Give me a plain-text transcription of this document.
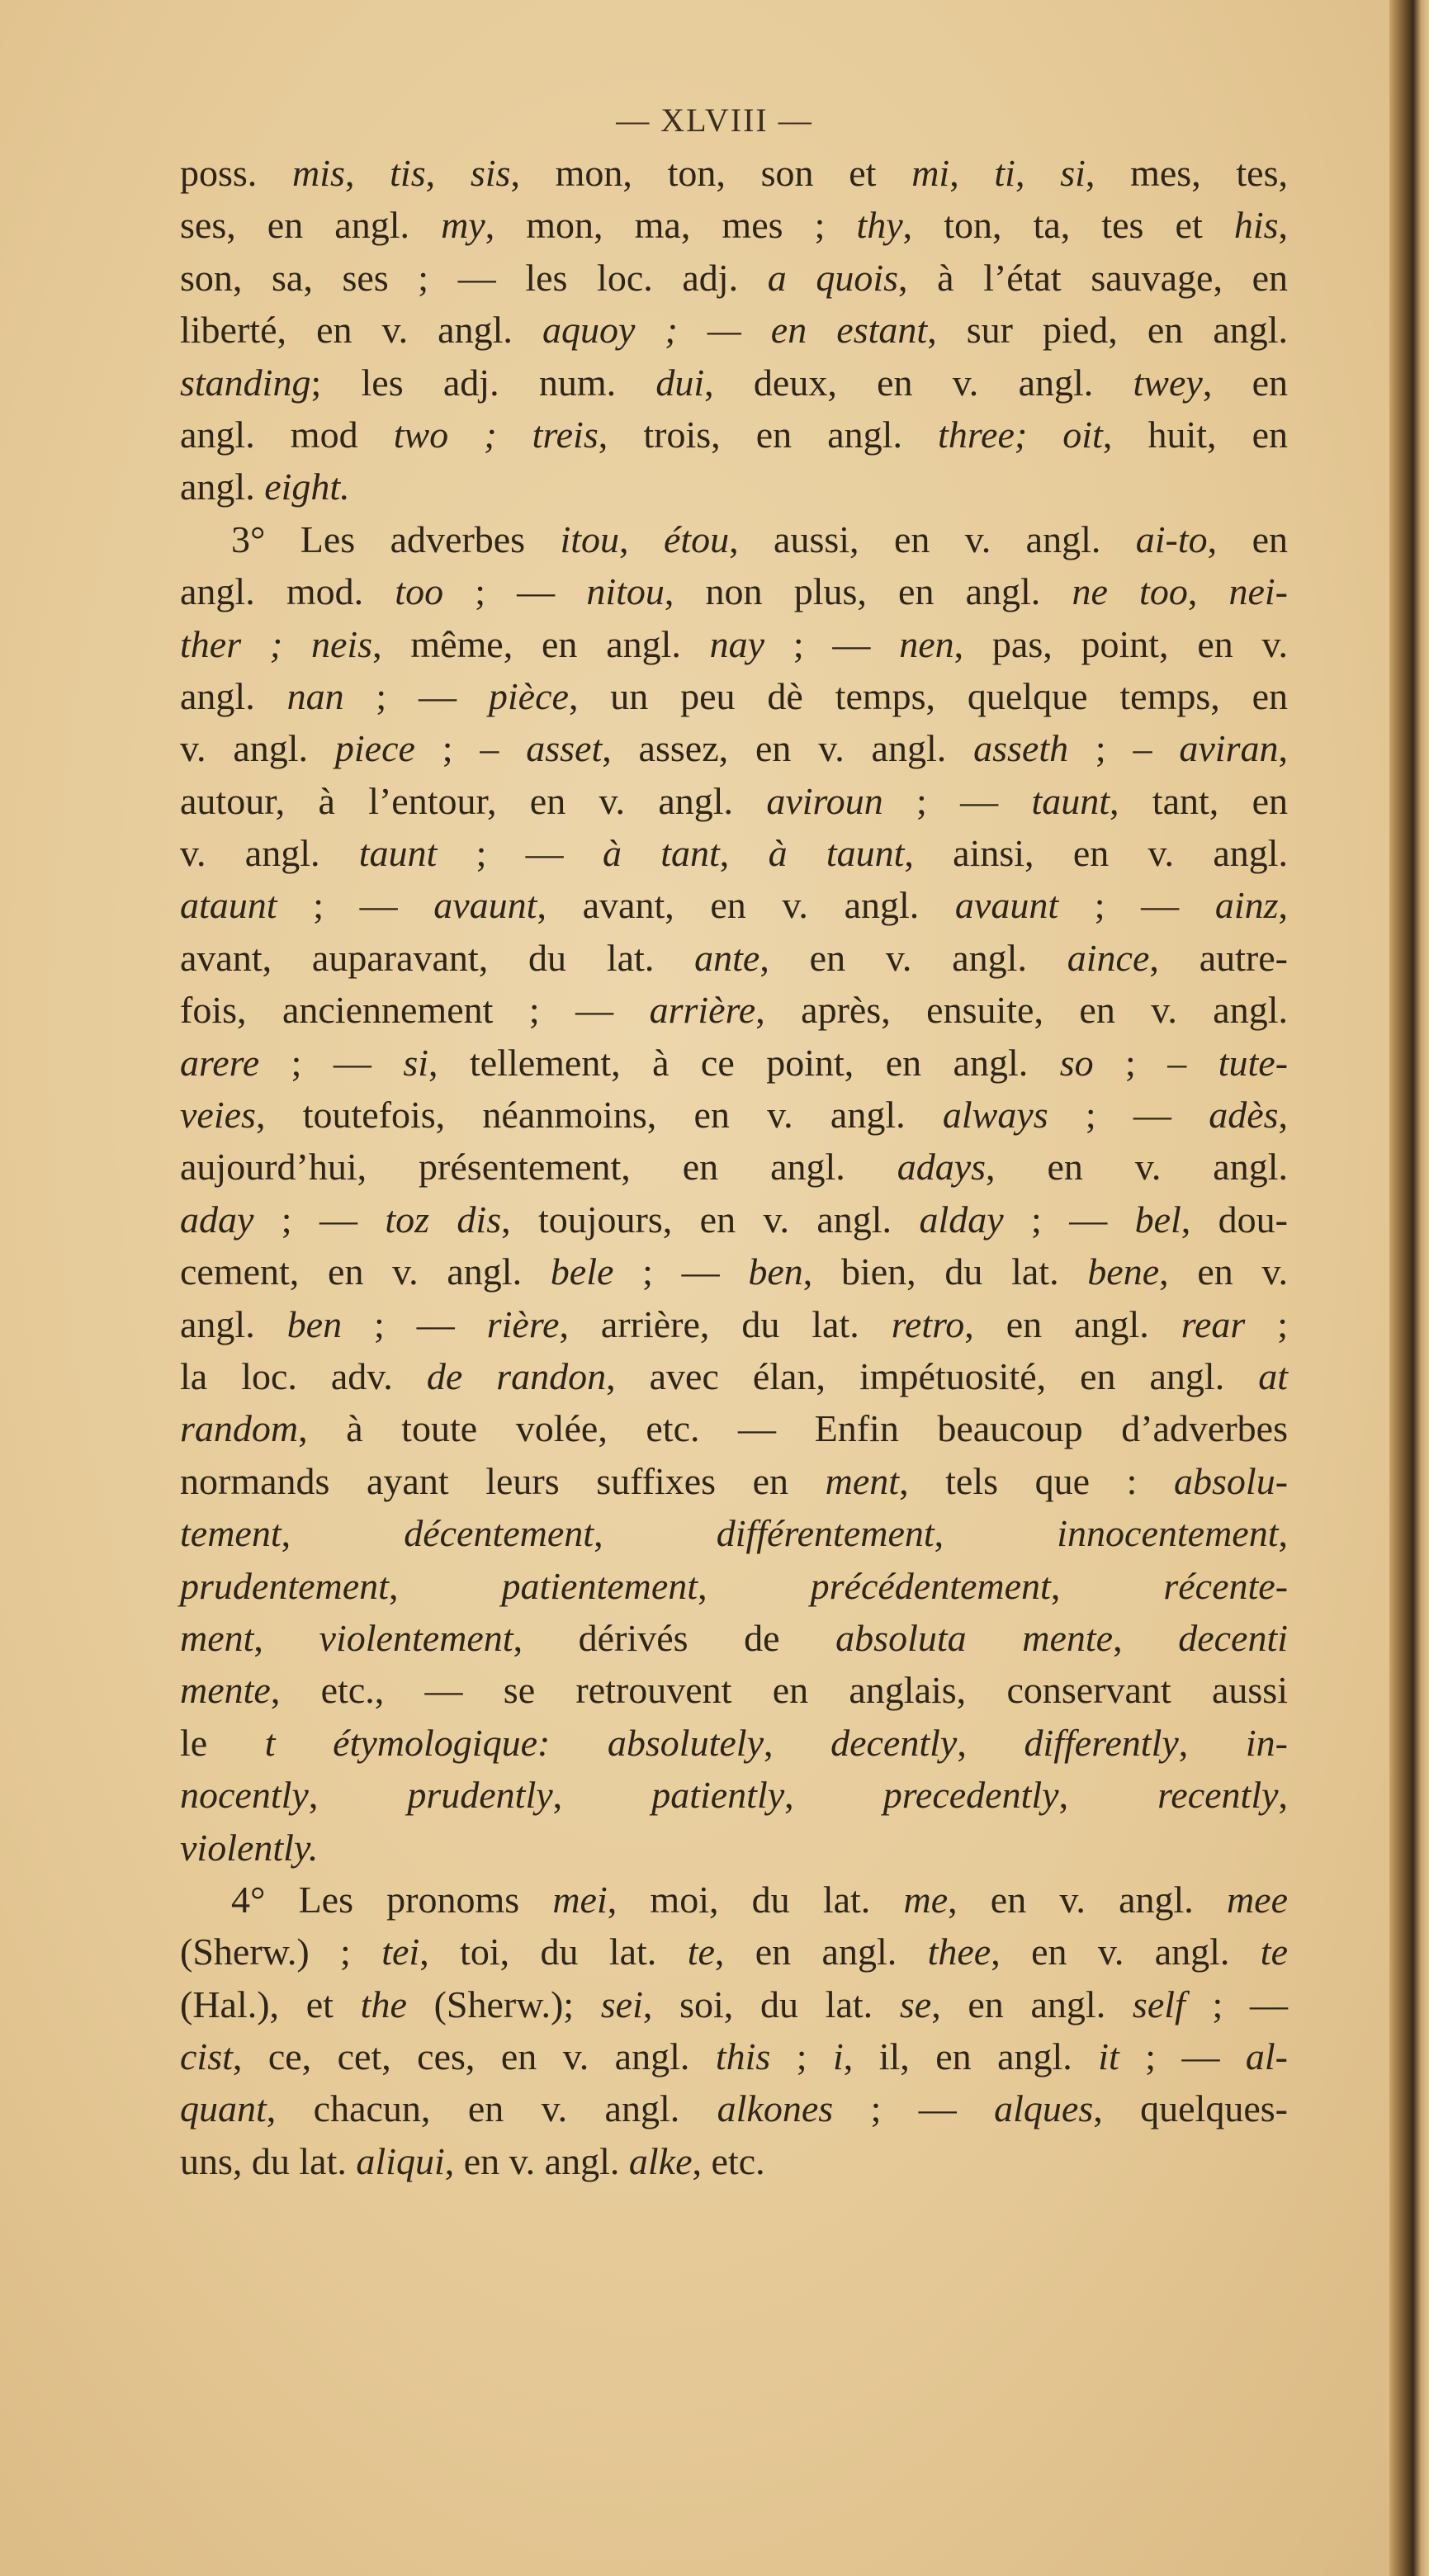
— XLVIII —
poss. mis, tis, sis, mon, ton, son et mi, ti, si, mes, tes,
ses, en angl. my, mon, ma, mes ; thy, ton, ta, tes et his,
son, sa, ses ; — les loc. adj. a quois, à l’état sauvage, en
liberté, en v. angl. aquoy ; — en estant, sur pied, en angl.
standing; les adj. num. dui, deux, en v. angl. twey, en
angl. mod two ; treis, trois, en angl. three; oit, huit, en
angl. eight.
3° Les adverbes itou, étou, aussi, en v. angl. ai-to, en
angl. mod. too ; — nitou, non plus, en angl. ne too, nei-
ther ; neis, même, en angl. nay ; — nen, pas, point, en v.
angl. nan ; — pièce, un peu dè temps, quelque temps, en
v. angl. piece ; – asset, assez, en v. angl. asseth ; – aviran,
autour, à l’entour, en v. angl. aviroun ; — taunt, tant, en
v. angl. taunt ; — à tant, à taunt, ainsi, en v. angl.
ataunt ; — avaunt, avant, en v. angl. avaunt ; — ainz,
avant, auparavant, du lat. ante, en v. angl. aince, autre-
fois, anciennement ; — arrière, après, ensuite, en v. angl.
arere ; — si, tellement, à ce point, en angl. so ; – tute-
veies, toutefois, néanmoins, en v. angl. always ; — adès,
aujourd’hui, présentement, en angl. adays, en v. angl.
aday ; — toz dis, toujours, en v. angl. alday ; — bel, dou-
cement, en v. angl. bele ; — ben, bien, du lat. bene, en v.
angl. ben ; — rière, arrière, du lat. retro, en angl. rear ;
la loc. adv. de randon, avec élan, impétuosité, en angl. at
random, à toute volée, etc. — Enfin beaucoup d’adverbes
normands ayant leurs suffixes en ment, tels que : absolu-
tement, décentement, différentement, innocentement,
prudentement, patientement, précédentement, récente-
ment, violentement, dérivés de absoluta mente, decenti
mente, etc., — se retrouvent en anglais, conservant aussi
le t étymologique: absolutely, decently, differently, in-
nocently, prudently, patiently, precedently, recently,
violently.
4° Les pronoms mei, moi, du lat. me, en v. angl. mee
(Sherw.) ; tei, toi, du lat. te, en angl. thee, en v. angl. te
(Hal.), et the (Sherw.); sei, soi, du lat. se, en angl. self ; —
cist, ce, cet, ces, en v. angl. this ; i, il, en angl. it ; — al-
quant, chacun, en v. angl. alkones ; — alques, quelques-
uns, du lat. aliqui, en v. angl. alke, etc.
